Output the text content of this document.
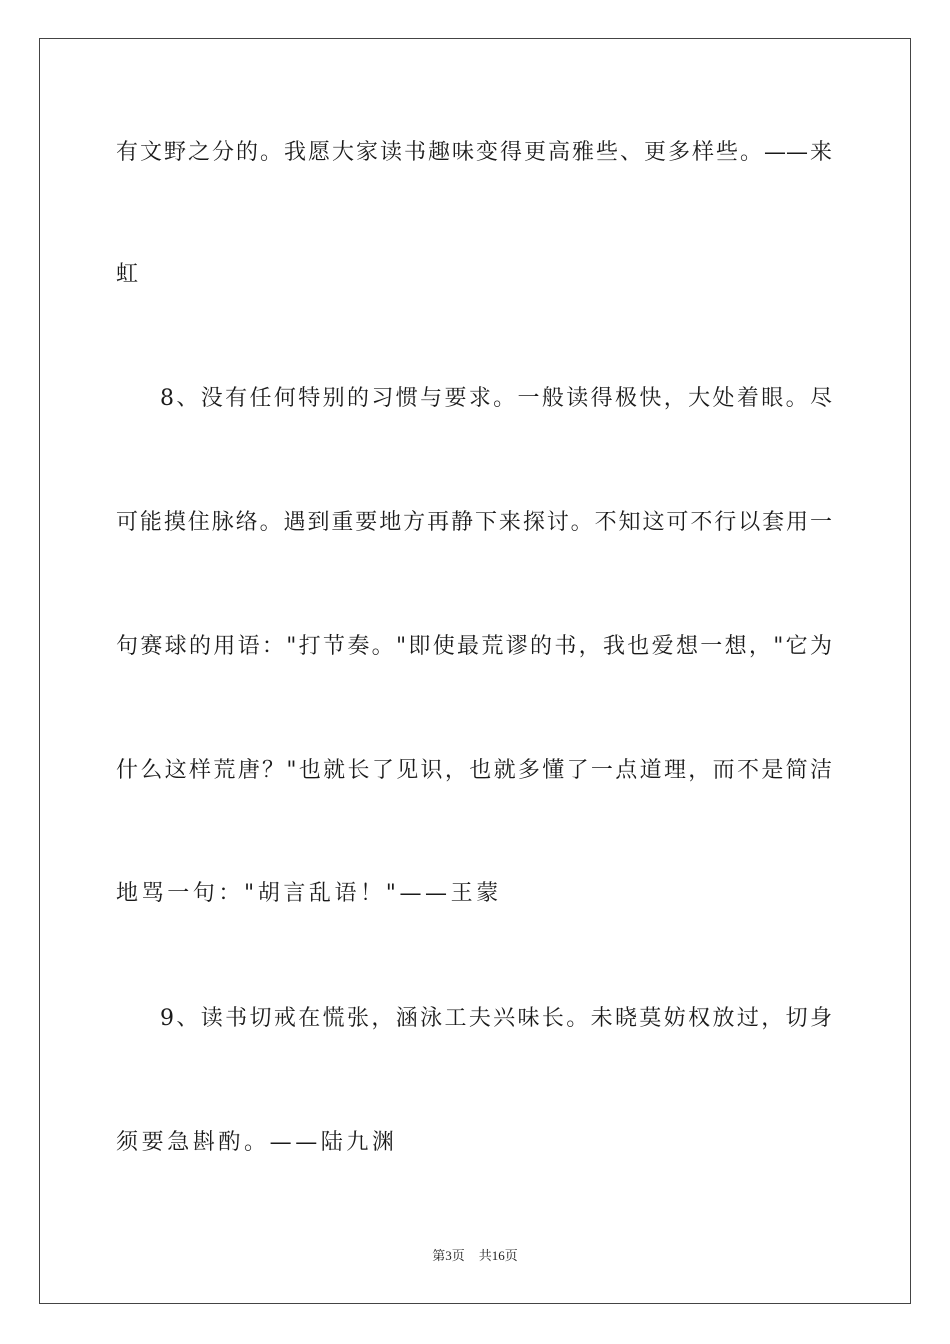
有文野之分的。我愿大家读书趣味变得更高雅些、更多样些。——来
虹
8、没有任何特别的习惯与要求。一般读得极快，大处着眼。尽
可能摸住脉络。遇到重要地方再静下来探讨。不知这可不行以套用一
句赛球的用语："打节奏。"即使最荒谬的书，我也爱想一想，"它为
什么这样荒唐？"也就长了见识，也就多懂了一点道理，而不是简洁
地骂一句："胡言乱语！"——王蒙
9、读书切戒在慌张，涵泳工夫兴味长。未晓莫妨权放过，切身
须要急斟酌。——陆九渊
第3页 共16页
